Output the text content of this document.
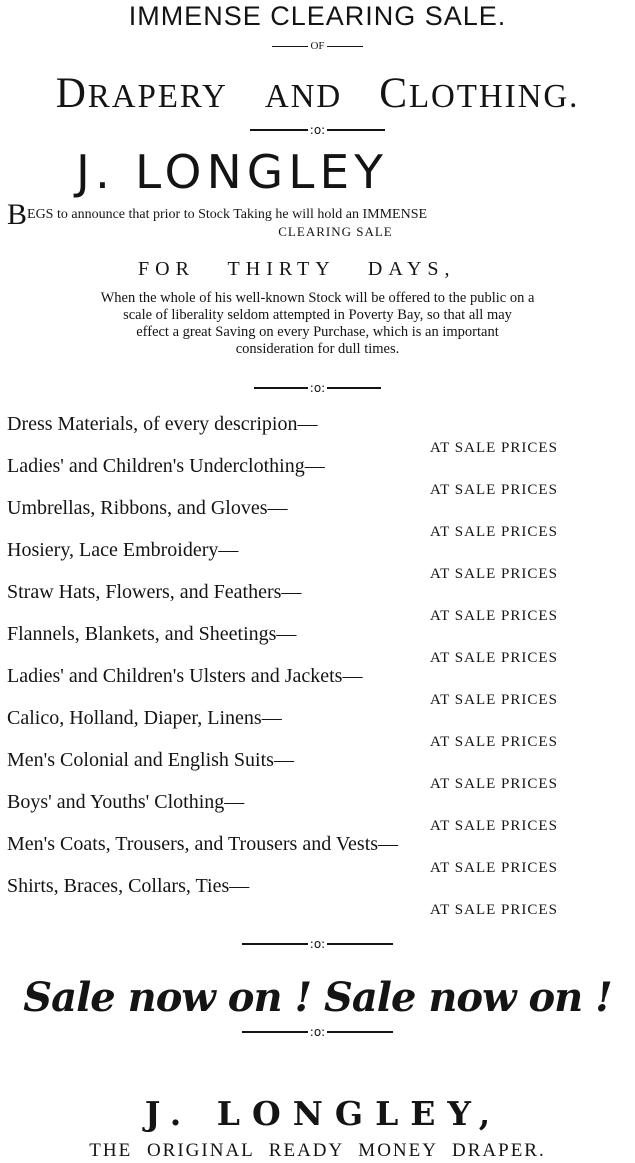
IMMENSE CLEARING SALE.
OF
DRAPERY AND CLOTHING.
:o:
J. LONGLEY
BEGS to announce that prior to Stock Taking he will hold an IMMENSE
CLEARING SALE
FOR THIRTY DAYS,
When the whole of his well-known Stock will be offered to the public on a
scale of liberality seldom attempted in Poverty Bay, so that all may
effect a great Saving on every Purchase, which is an important
consideration for dull times.
:o:
Dress Materials, of every descripion—
AT SALE PRICES
Ladies' and Children's Underclothing—
AT SALE PRICES
Umbrellas, Ribbons, and Gloves—
AT SALE PRICES
Hosiery, Lace Embroidery—
AT SALE PRICES
Straw Hats, Flowers, and Feathers—
AT SALE PRICES
Flannels, Blankets, and Sheetings—
AT SALE PRICES
Ladies' and Children's Ulsters and Jackets—
AT SALE PRICES
Calico, Holland, Diaper, Linens—
AT SALE PRICES
Men's Colonial and English Suits—
AT SALE PRICES
Boys' and Youths' Clothing—
AT SALE PRICES
Men's Coats, Trousers, and Trousers and Vests—
AT SALE PRICES
Shirts, Braces, Collars, Ties—
AT SALE PRICES
:o:
Sale now on ! Sale now on !
:o:
J. LONGLEY,
THE ORIGINAL READY MONEY DRAPER.
